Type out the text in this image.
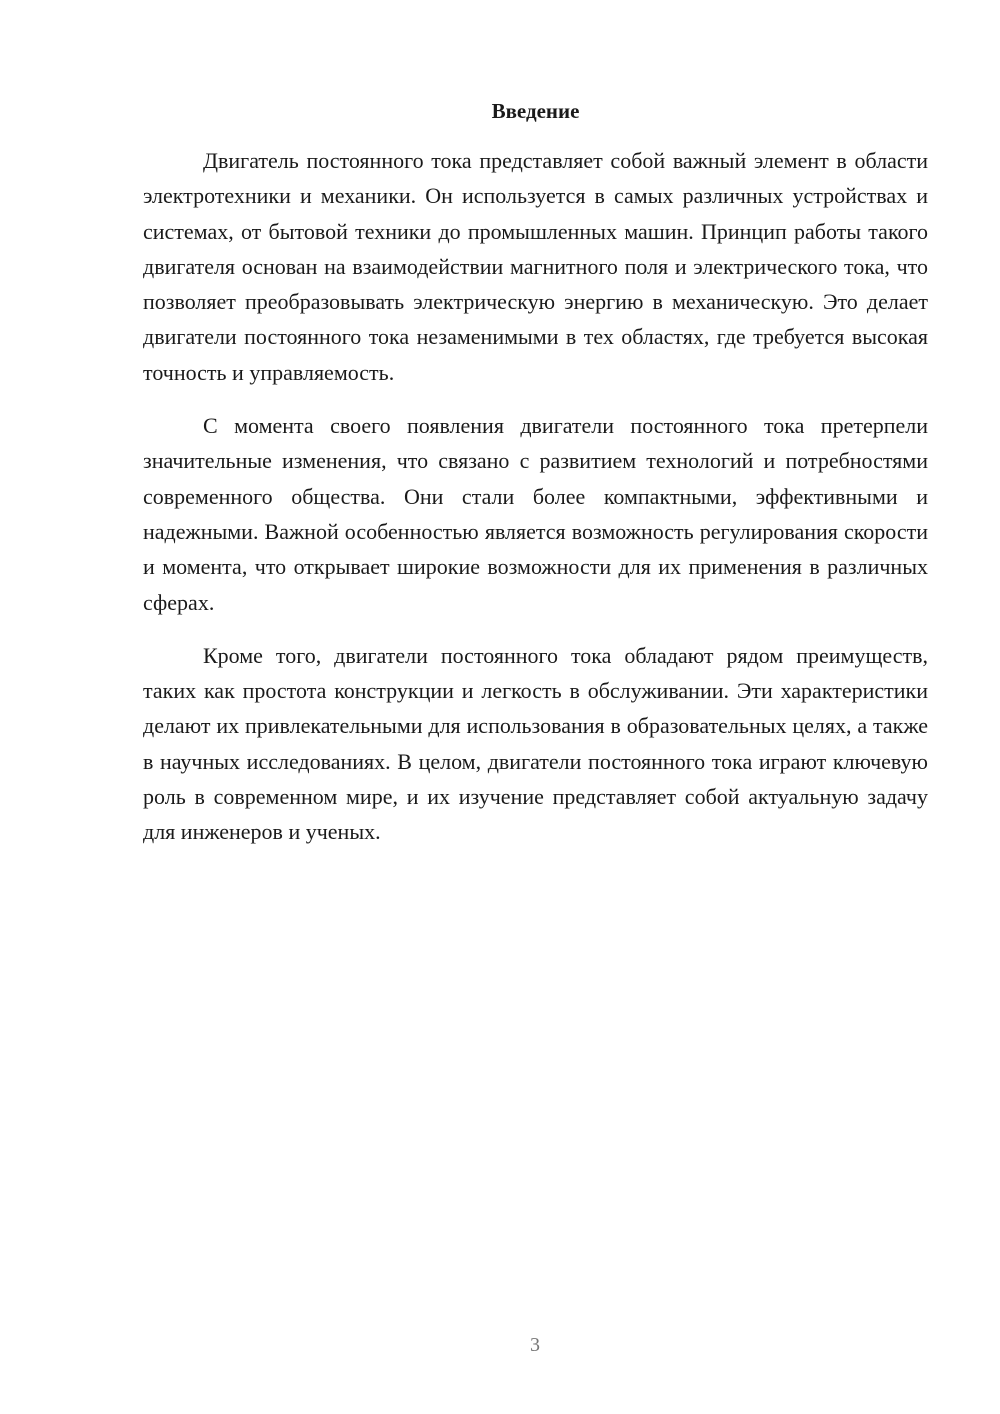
Введение

Двигатель постоянного тока представляет собой важный элемент в области электротехники и механики. Он используется в самых различных устройствах и системах, от бытовой техники до промышленных машин. Принцип работы такого двигателя основан на взаимодействии магнитного поля и электрического тока, что позволяет преобразовывать электрическую энергию в механическую. Это делает двигатели постоянного тока незаменимыми в тех областях, где требуется высокая точность и управляемость.

С момента своего появления двигатели постоянного тока претерпели значительные изменения, что связано с развитием технологий и потребностями современного общества. Они стали более компактными, эффективными и надежными. Важной особенностью является возможность регулирования скорости и момента, что открывает широкие возможности для их применения в различных сферах.

Кроме того, двигатели постоянного тока обладают рядом преимуществ, таких как простота конструкции и легкость в обслуживании. Эти характеристики делают их привлекательными для использования в образовательных целях, а также в научных исследованиях. В целом, двигатели постоянного тока играют ключевую роль в современном мире, и их изучение представляет собой актуальную задачу для инженеров и ученых.

3
